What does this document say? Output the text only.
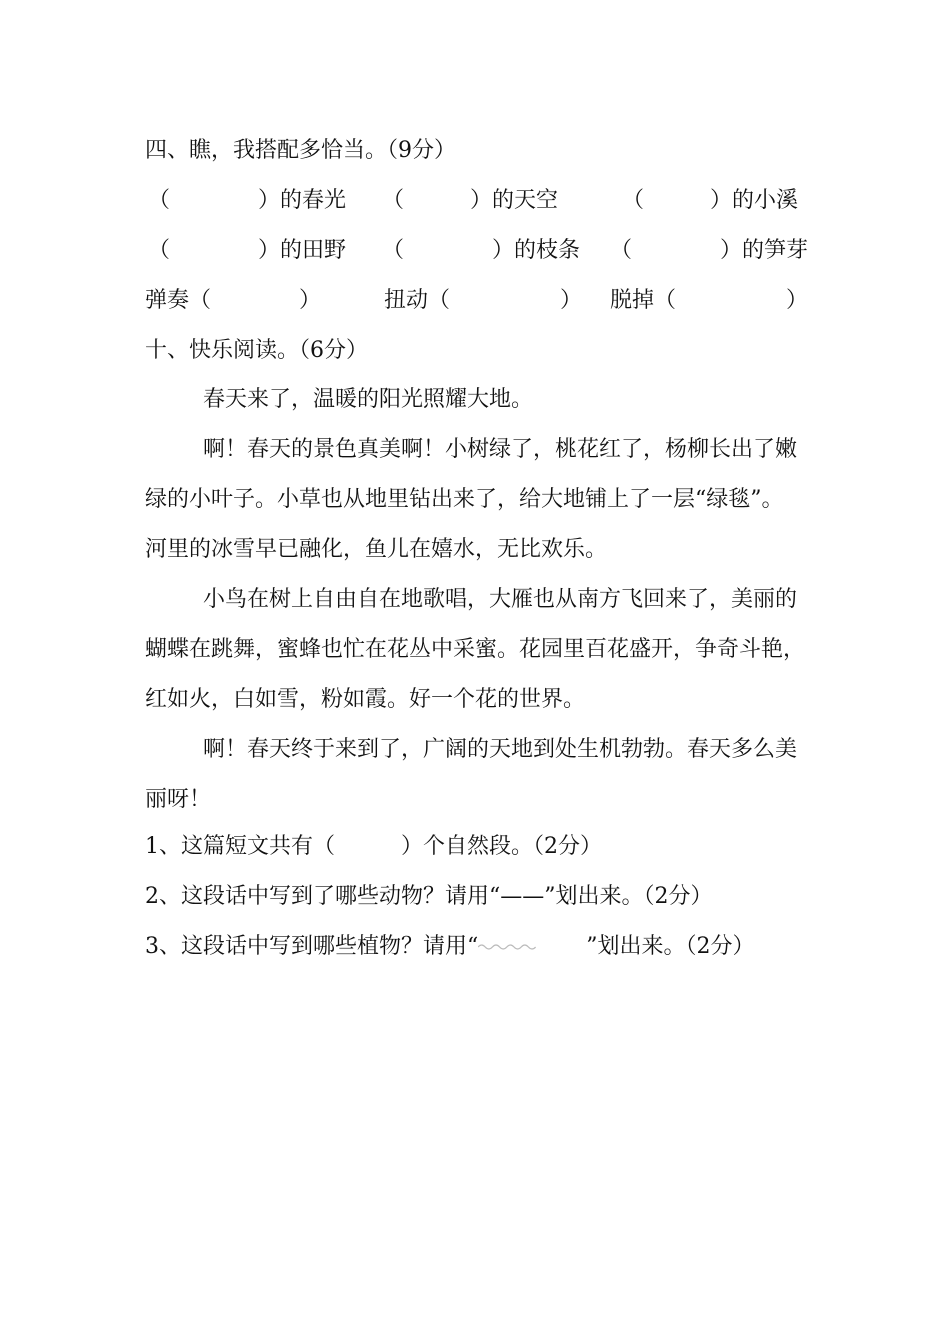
四、瞧，我搭配多恰当。（9分）
（　　　　）的春光 （　　　）的天空	（　　　）的小溪
（　　　　）的田野 （　　　　）的枝条 （　　　　）的笋芽
弹奏（　　　　）	扭动（　　　　　） 脱掉（　　　　　）
十、快乐阅读。（6分）
春天来了，温暖的阳光照耀大地。
啊！春天的景色真美啊！小树绿了，桃花红了，杨柳长出了嫩绿的小叶子。小草也从地里钻出来了，给大地铺上了一层“绿毯”。河里的冰雪早已融化，鱼儿在嬉水，无比欢乐。
小鸟在树上自由自在地歌唱，大雁也从南方飞回来了，美丽的蝴蝶在跳舞，蜜蜂也忙在花丛中采蜜。花园里百花盛开，争奇斗艳，红如火，白如雪，粉如霞。好一个花的世界。
啊！春天终于来到了，广阔的天地到处生机勃勃。春天多么美丽呀！
1、这篇短文共有（　　　）个自然段。（2分）
2、这段话中写到了哪些动物？请用“——”划出来。（2分）
3、这段话中写到哪些植物？请用“	”划出来。（2分）
